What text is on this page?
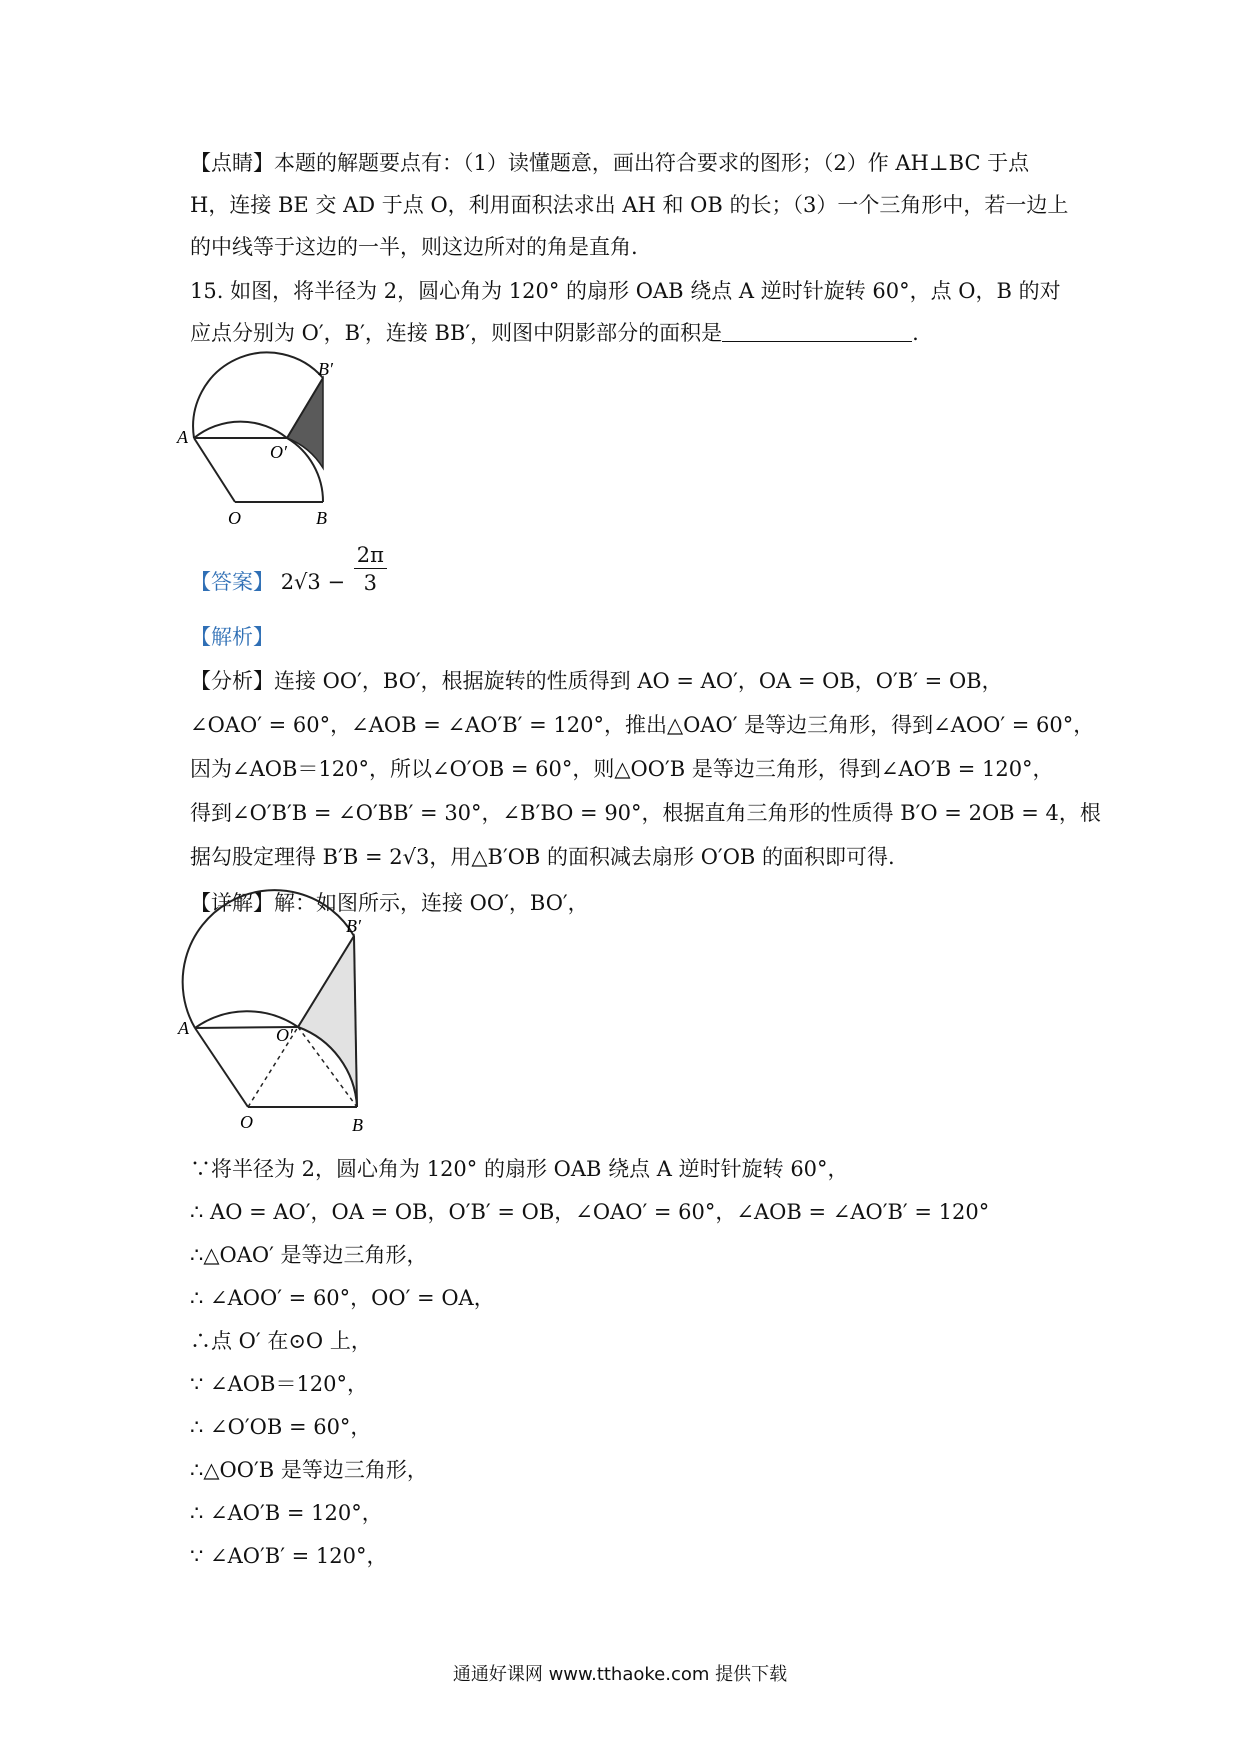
【点睛】本题的解题要点有：（1）读懂题意，画出符合要求的图形；（2）作 AH⊥BC 于点
H，连接 BE 交 AD 于点 O，利用面积法求出 AH 和 OB 的长；（3）一个三角形中，若一边上
的中线等于这边的一半，则这边所对的角是直角.
15. 如图，将半径为 2，圆心角为 120° 的扇形 OAB 绕点 A 逆时针旋转 60°，点 O，B 的对
应点分别为 O′，B′，连接 BB′，则图中阴影部分的面积是	.
A
O′
B′
O	B
【答案】 $2√3 - \frac{2\pi}{3}$
【解析】
【分析】连接 OO′，BO′，根据旋转的性质得到 AO = AO′，OA = OB，O′B′ = OB，
∠OAO′ = 60°，∠AOB = ∠AO′B′ = 120°，推出△OAO′ 是等边三角形，得到∠AOO′ = 60°，
因为∠AOB＝120°，所以∠O′OB = 60°，则△OO′B 是等边三角形，得到∠AO′B = 120°，
得到∠O′B′B = ∠O′BB′ = 30°，∠B′BO = 90°，根据直角三角形的性质得 B′O = 2OB = 4，根
据勾股定理得 B′B = 2√3，用△B′OB 的面积减去扇形 O′OB 的面积即可得.
【详解】解：如图所示，连接 OO′，BO′，
A	O′
B′
O	B
∵将半径为 2，圆心角为 120° 的扇形 OAB 绕点 A 逆时针旋转 60°，
∴ AO = AO′，OA = OB，O′B′ = OB，∠OAO′ = 60°，∠AOB = ∠AO′B′ = 120°
∴△OAO′ 是等边三角形，
∴ ∠AOO′ = 60°，OO′ = OA，
∴点 O′ 在⊙O 上，
∵ ∠AOB＝120°，
∴ ∠O′OB = 60°，
∴△OO′B 是等边三角形，
∴ ∠AO′B = 120°，
∵ ∠AO′B′ = 120°，
通通好课网 www.tthaoke.com 提供下载
